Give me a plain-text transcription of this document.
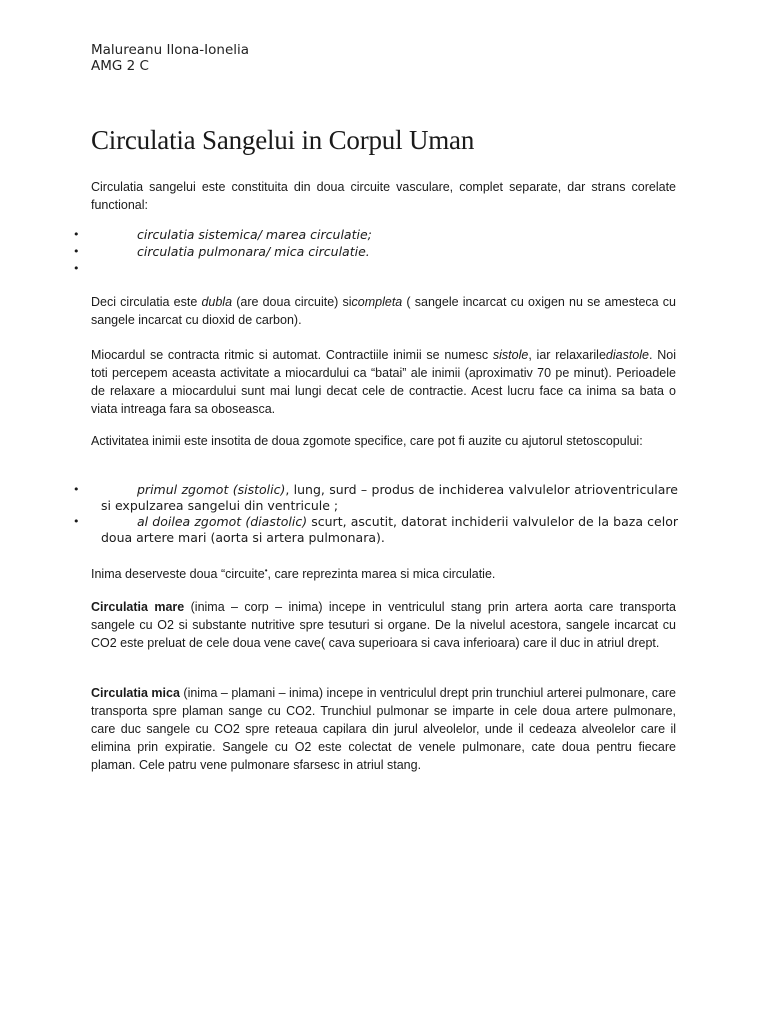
Malureanu Ilona-Ionelia
AMG 2 C
Circulatia Sangelui in Corpul Uman

Circulatia sangelui este constituita din doua circuite vasculare, complet separate, dar strans corelate functional:

•	circulatia sistemica/ marea circulatie;
•	circulatia pulmonara/ mica circulatie.
•

Deci circulatia este dubla (are doua circuite) sicompleta ( sangele incarcat cu oxigen nu se amesteca cu sangele incarcat cu dioxid de carbon).

Miocardul se contracta ritmic si automat. Contractiile inimii se numesc sistole, iar relaxarilediastole. Noi toti percepem aceasta activitate a miocardului ca “batai” ale inimii (aproximativ 70 pe minut). Perioadele de relaxare a miocardului sunt mai lungi decat cele de contractie. Acest lucru face ca inima sa bata o viata intreaga fara sa oboseasca.

Activitatea inimii este insotita de doua zgomote specifice, care pot fi auzite cu ajutorul stetoscopului:

•	primul zgomot (sistolic), lung, surd – produs de inchiderea valvulelor atrioventriculare si expulzarea sangelui din ventricule ;
•	al doilea zgomot (diastolic) scurt, ascutit, datorat inchiderii valvulelor de la baza celor doua artere mari (aorta si artera pulmonara).

Inima deserveste doua “circuite•, care reprezinta marea si mica circulatie.

Circulatia mare (inima – corp – inima) incepe in ventriculul stang prin artera aorta care transporta sangele cu O2 si substante nutritive spre tesuturi si organe. De la nivelul acestora, sangele incarcat cu CO2 este preluat de cele doua vene cave( cava superioara si cava inferioara) care il duc in atriul drept.

Circulatia mica (inima – plamani – inima) incepe in ventriculul drept prin trunchiul arterei pulmonare, care transporta spre plaman sange cu CO2. Trunchiul pulmonar se imparte in cele doua artere pulmonare, care duc sangele cu CO2 spre reteaua capilara din jurul alveolelor, unde il cedeaza alveolelor care il elimina prin expiratie. Sangele cu O2 este colectat de venele pulmonare, cate doua pentru fiecare plaman. Cele patru vene pulmonare sfarsesc in atriul stang.
